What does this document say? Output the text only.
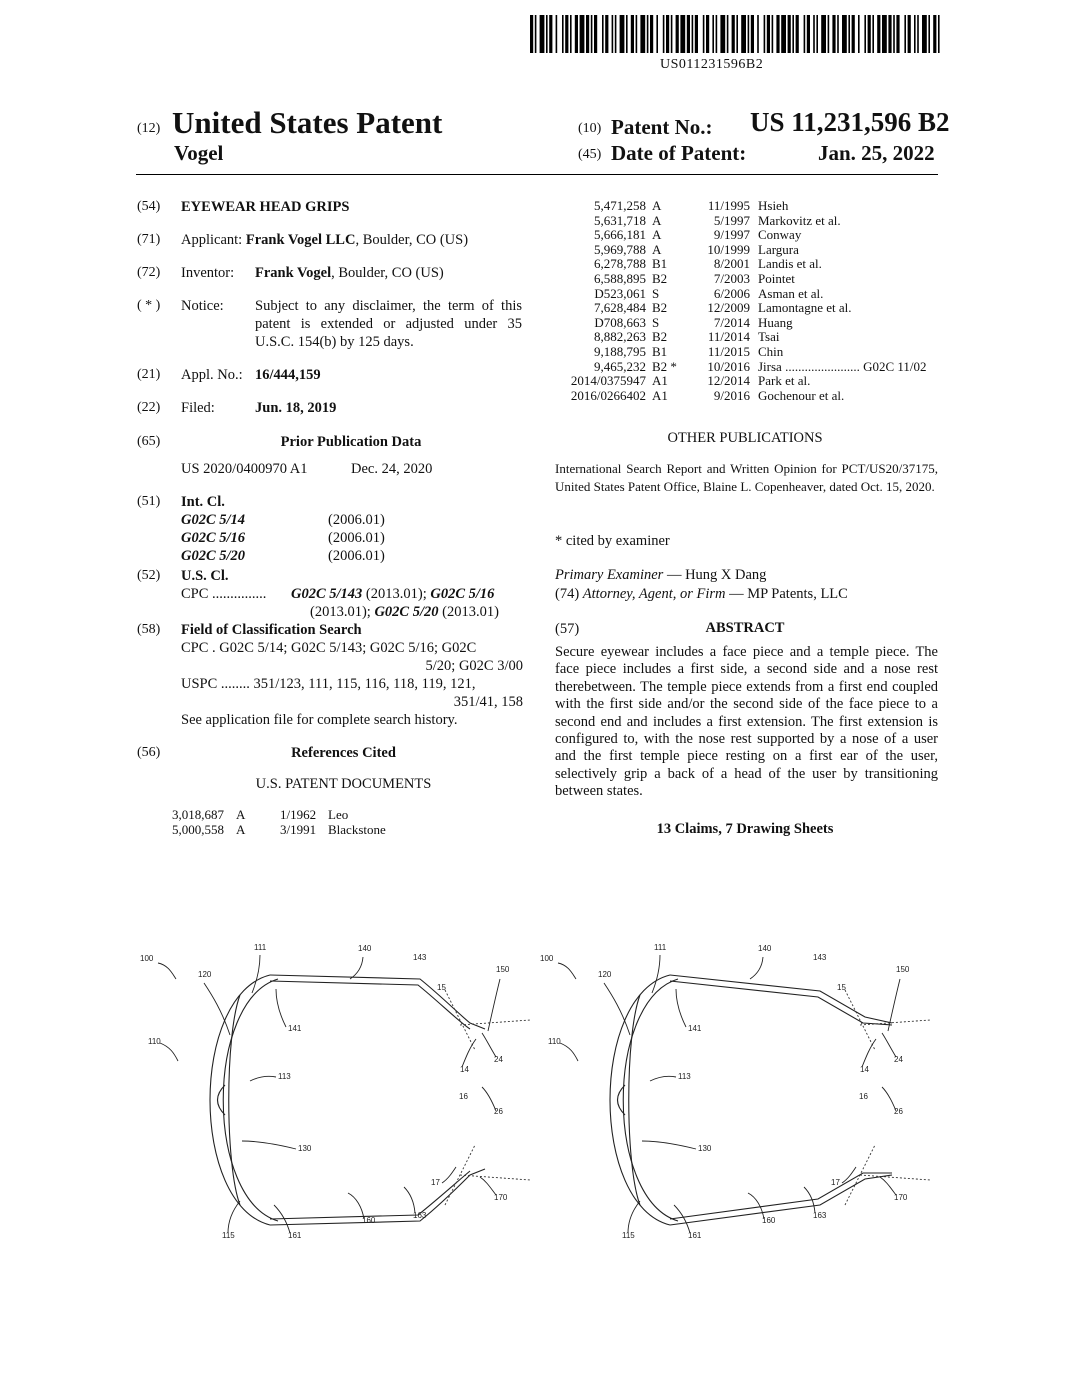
US011231596B2
(12) United States Patent
Vogel
(10) Patent No.: US 11,231,596 B2
(45) Date of Patent:	Jan. 25, 2022
(54) EYEWEAR HEAD GRIPS
(71) Applicant: Frank Vogel LLC, Boulder, CO (US)
(72) Inventor: Frank Vogel, Boulder, CO (US)
( * ) Notice: Subject to any disclaimer, the term of this patent is extended or adjusted under 35 U.S.C. 154(b) by 125 days.
(21) Appl. No.: 16/444,159
(22) Filed:	Jun. 18, 2019
(65)	Prior Publication Data
US 2020/0400970 A1	Dec. 24, 2020
(51) Int. Cl.
G02C 5/14	(2006.01)
G02C 5/16	(2006.01)
G02C 5/20	(2006.01)
(52) U.S. Cl.
CPC ............... G02C 5/143 (2013.01); G02C 5/16
(2013.01); G02C 5/20 (2013.01)
(58) Field of Classification Search
CPC . G02C 5/14; G02C 5/143; G02C 5/16; G02C
5/20; G02C 3/00
USPC ........ 351/123, 111, 115, 116, 118, 119, 121,
351/41, 158
See application file for complete search history.
(56)	References Cited
U.S. PATENT DOCUMENTS
3,018,687	A	1/1962	Leo
5,000,558	A	3/1991	Blackstone
5,471,258	A	11/1995	Hsieh
5,631,718	A	5/1997	Markovitz et al.
5,666,181	A	9/1997	Conway
5,969,788	A	10/1999	Largura
6,278,788	B1	8/2001	Landis et al.
6,588,895	B2	7/2003	Pointet
D523,061	S	6/2006	Asman et al.
7,628,484	B2	12/2009	Lamontagne et al.
D708,663	S	7/2014	Huang
8,882,263	B2	11/2014	Tsai
9,188,795	B1	11/2015	Chin
9,465,232	B2 *	10/2016	Jirsa ....................... G02C 11/02
2014/0375947	A1	12/2014	Park et al.
2016/0266402	A1	9/2016	Gochenour et al.
OTHER PUBLICATIONS
International Search Report and Written Opinion for PCT/US20/37175, United States Patent Office, Blaine L. Copenheaver, dated Oct. 15, 2020.
* cited by examiner
Primary Examiner — Hung X Dang
(74) Attorney, Agent, or Firm — MP Patents, LLC
(57)	ABSTRACT
Secure eyewear includes a face piece and a temple piece. The face piece includes a first side, a second side and a nose rest therebetween. The temple piece extends from a first end coupled with the first side and/or the second side of the face piece to a second end and includes a first extension. The first extension is configured to, with the nose rest supported by a nose of a user and the first temple piece resting on a first ear of the user, selectively grip a back of a head of the user by transitioning between states.
13 Claims, 7 Drawing Sheets
100
111	140
143
150
15
14
24
120
110
141
113
16
26
130
17
170
115	161
160
163
100
111	140
143
150
15
14
24
120
110
141
113
16
26
130
17
170
115	161
160
163
